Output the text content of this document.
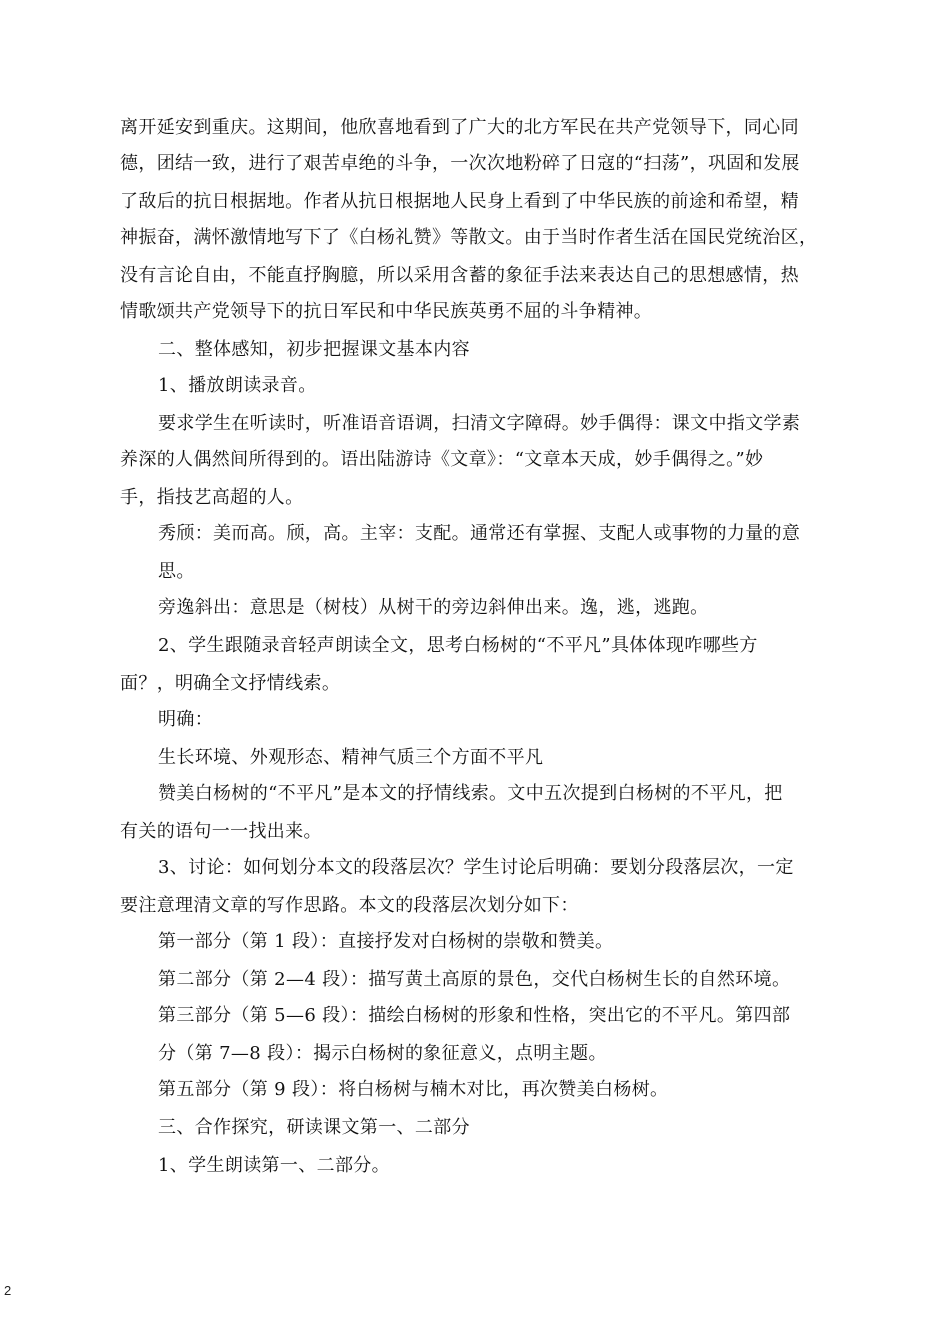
离开延安到重庆。这期间，他欣喜地看到了广大的北方军民在共产党领导下，同心同
德，团结一致，进行了艰苦卓绝的斗争，一次次地粉碎了日寇的“扫荡”，巩固和发展
了敌后的抗日根据地。作者从抗日根据地人民身上看到了中华民族的前途和希望，精
神振奋，满怀激情地写下了《白杨礼赞》等散文。由于当时作者生活在国民党统治区，
没有言论自由，不能直抒胸臆，所以采用含蓄的象征手法来表达自己的思想感情，热
情歌颂共产党领导下的抗日军民和中华民族英勇不屈的斗争精神。
二、整体感知，初步把握课文基本内容
1、播放朗读录音。
要求学生在听读时，听准语音语调，扫清文字障碍。妙手偶得：课文中指文学素
养深的人偶然间所得到的。语出陆游诗《文章》：“文章本天成，妙手偶得之。”妙
手，指技艺高超的人。
秀颀：美而高。颀，高。主宰：支配。通常还有掌握、支配人或事物的力量的意
思。
旁逸斜出：意思是（树枝）从树干的旁边斜伸出来。逸，逃，逃跑。
2、学生跟随录音轻声朗读全文，思考白杨树的“不平凡”具体体现咋哪些方
面？，明确全文抒情线索。
明确：
生长环境、外观形态、精神气质三个方面不平凡
赞美白杨树的“不平凡”是本文的抒情线索。文中五次提到白杨树的不平凡，把
有关的语句一一找出来。
3、讨论：如何划分本文的段落层次？学生讨论后明确：要划分段落层次，一定
要注意理清文章的写作思路。本文的段落层次划分如下：
第一部分（第 1 段）：直接抒发对白杨树的崇敬和赞美。
第二部分（第 2—4 段）：描写黄土高原的景色，交代白杨树生长的自然环境。
第三部分（第 5—6 段）：描绘白杨树的形象和性格，突出它的不平凡。第四部
分（第 7—8 段）：揭示白杨树的象征意义，点明主题。
第五部分（第 9 段）：将白杨树与楠木对比，再次赞美白杨树。
三、合作探究，研读课文第一、二部分
1、学生朗读第一、二部分。
2
